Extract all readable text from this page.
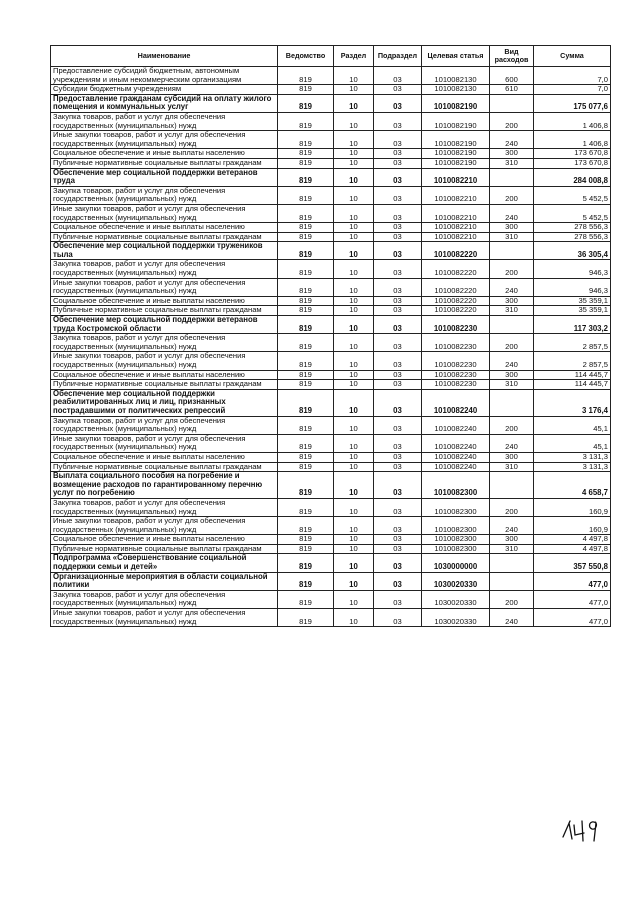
Наименование	Ведомство	Раздел	Подраздел	Целевая статья	Вид расходов	Сумма
Предоставление субсидий бюджетным, автономным учреждениям и иным некоммерческим организациям	819	10	03	1010082130	600	7,0
Субсидии бюджетным учреждениям	819	10	03	1010082130	610	7,0
Предоставление гражданам субсидий на оплату жилого помещения и коммунальных услуг	819	10	03	1010082190		175 077,6
Закупка товаров, работ и услуг для обеспечения государственных (муниципальных) нужд	819	10	03	1010082190	200	1 406,8
Иные закупки товаров, работ и услуг для обеспечения государственных (муниципальных) нужд	819	10	03	1010082190	240	1 406,8
Социальное обеспечение и иные выплаты населению	819	10	03	1010082190	300	173 670,8
Публичные нормативные социальные выплаты гражданам	819	10	03	1010082190	310	173 670,8
Обеспечение мер социальной поддержки ветеранов труда	819	10	03	1010082210		284 008,8
Закупка товаров, работ и услуг для обеспечения государственных (муниципальных) нужд	819	10	03	1010082210	200	5 452,5
Иные закупки товаров, работ и услуг для обеспечения государственных (муниципальных) нужд	819	10	03	1010082210	240	5 452,5
Социальное обеспечение и иные выплаты населению	819	10	03	1010082210	300	278 556,3
Публичные нормативные социальные выплаты гражданам	819	10	03	1010082210	310	278 556,3
Обеспечение мер социальной поддержки тружеников тыла	819	10	03	1010082220		36 305,4
Закупка товаров, работ и услуг для обеспечения государственных (муниципальных) нужд	819	10	03	1010082220	200	946,3
Иные закупки товаров, работ и услуг для обеспечения государственных (муниципальных) нужд	819	10	03	1010082220	240	946,3
Социальное обеспечение и иные выплаты населению	819	10	03	1010082220	300	35 359,1
Публичные нормативные социальные выплаты гражданам	819	10	03	1010082220	310	35 359,1
Обеспечение мер социальной поддержки ветеранов труда Костромской области	819	10	03	1010082230		117 303,2
Закупка товаров, работ и услуг для обеспечения государственных (муниципальных) нужд	819	10	03	1010082230	200	2 857,5
Иные закупки товаров, работ и услуг для обеспечения государственных (муниципальных) нужд	819	10	03	1010082230	240	2 857,5
Социальное обеспечение и иные выплаты населению	819	10	03	1010082230	300	114 445,7
Публичные нормативные социальные выплаты гражданам	819	10	03	1010082230	310	114 445,7
Обеспечение мер социальной поддержки реабилитированных лиц и лиц, признанных пострадавшими от политических репрессий	819	10	03	1010082240		3 176,4
Закупка товаров, работ и услуг для обеспечения государственных (муниципальных) нужд	819	10	03	1010082240	200	45,1
Иные закупки товаров, работ и услуг для обеспечения государственных (муниципальных) нужд	819	10	03	1010082240	240	45,1
Социальное обеспечение и иные выплаты населению	819	10	03	1010082240	300	3 131,3
Публичные нормативные социальные выплаты гражданам	819	10	03	1010082240	310	3 131,3
Выплата социального пособия на погребение и возмещение расходов по гарантированному перечню услуг по погребению	819	10	03	1010082300		4 658,7
Закупка товаров, работ и услуг для обеспечения государственных (муниципальных) нужд	819	10	03	1010082300	200	160,9
Иные закупки товаров, работ и услуг для обеспечения государственных (муниципальных) нужд	819	10	03	1010082300	240	160,9
Социальное обеспечение и иные выплаты населению	819	10	03	1010082300	300	4 497,8
Публичные нормативные социальные выплаты гражданам	819	10	03	1010082300	310	4 497,8
Подпрограмма «Совершенствование социальной поддержки семьи и детей»	819	10	03	1030000000		357 550,8
Организационные мероприятия в области социальной политики	819	10	03	1030020330		477,0
Закупка товаров, работ и услуг для обеспечения государственных (муниципальных) нужд	819	10	03	1030020330	200	477,0
Иные закупки товаров, работ и услуг для обеспечения государственных (муниципальных) нужд	819	10	03	1030020330	240	477,0
